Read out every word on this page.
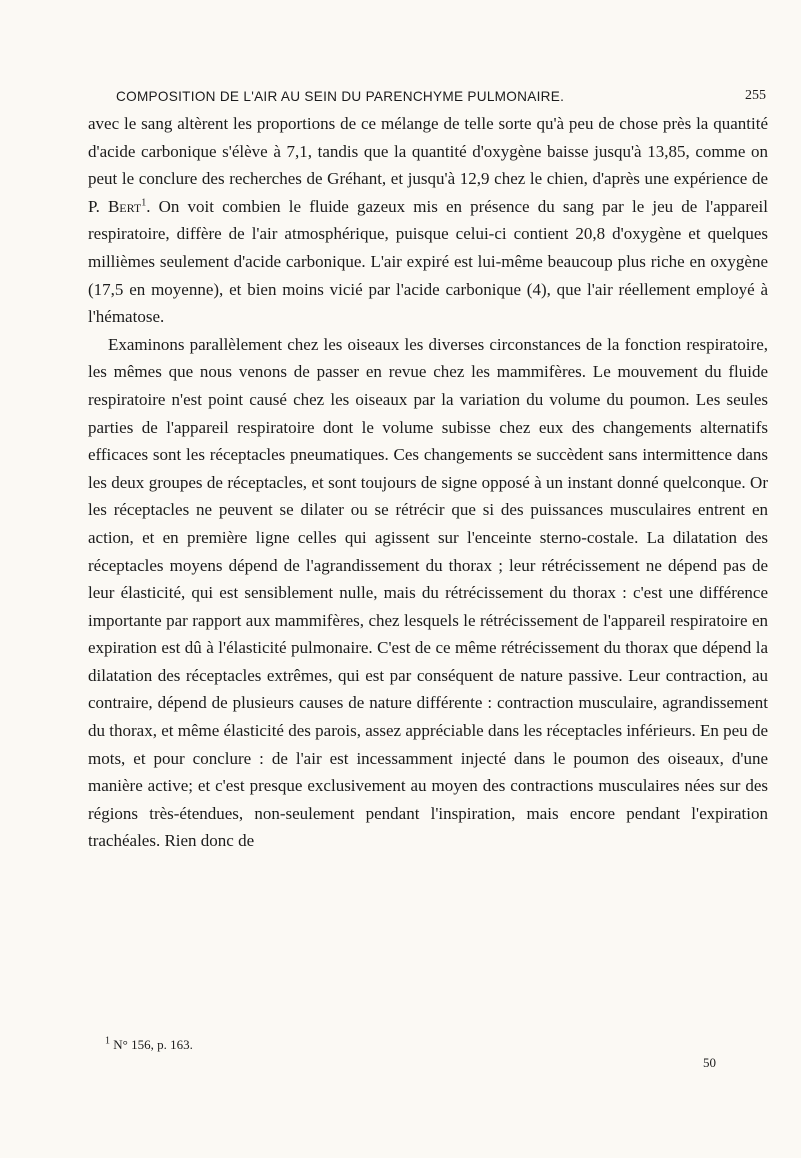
COMPOSITION DE L'AIR AU SEIN DU PARENCHYME PULMONAIRE.	255

avec le sang altèrent les proportions de ce mélange de telle sorte qu'à peu de chose près la quantité d'acide carbonique s'élève à 7,1, tandis que la quantité d'oxygène baisse jusqu'à 13,85, comme on peut le conclure des recherches de Gréhant, et jusqu'à 12,9 chez le chien, d'après une expérience de P. Bert$^1$. On voit combien le fluide gazeux mis en présence du sang par le jeu de l'appareil respiratoire, diffère de l'air atmosphérique, puisque celui-ci contient 20,8 d'oxygène et quelques millièmes seulement d'acide carbonique. L'air expiré est lui-même beaucoup plus riche en oxygène (17,5 en moyenne), et bien moins vicié par l'acide carbonique (4), que l'air réellement employé à l'hématose.

Examinons parallèlement chez les oiseaux les diverses circonstances de la fonction respiratoire, les mêmes que nous venons de passer en revue chez les mammifères. Le mouvement du fluide respiratoire n'est point causé chez les oiseaux par la variation du volume du poumon. Les seules parties de l'appareil respiratoire dont le volume subisse chez eux des changements alternatifs efficaces sont les réceptacles pneumatiques. Ces changements se succèdent sans intermittence dans les deux groupes de réceptacles, et sont toujours de signe opposé à un instant donné quelconque. Or les réceptacles ne peuvent se dilater ou se rétrécir que si des puissances musculaires entrent en action, et en première ligne celles qui agissent sur l'enceinte sterno-costale. La dilatation des réceptacles moyens dépend de l'agrandissement du thorax ; leur rétrécissement ne dépend pas de leur élasticité, qui est sensiblement nulle, mais du rétrécissement du thorax : c'est une différence importante par rapport aux mammifères, chez lesquels le rétrécissement de l'appareil respiratoire en expiration est dû à l'élasticité pulmonaire. C'est de ce même rétrécissement du thorax que dépend la dilatation des réceptacles extrêmes, qui est par conséquent de nature passive. Leur contraction, au contraire, dépend de plusieurs causes de nature différente : contraction musculaire, agrandissement du thorax, et même élasticité des parois, assez appréciable dans les réceptacles inférieurs. En peu de mots, et pour conclure : de l'air est incessamment injecté dans le poumon des oiseaux, d'une manière active; et c'est presque exclusivement au moyen des contractions musculaires nées sur des régions très-étendues, non-seulement pendant l'inspiration, mais encore pendant l'expiration trachéales. Rien donc de

$^1$ N° 156, p. 163.
50
